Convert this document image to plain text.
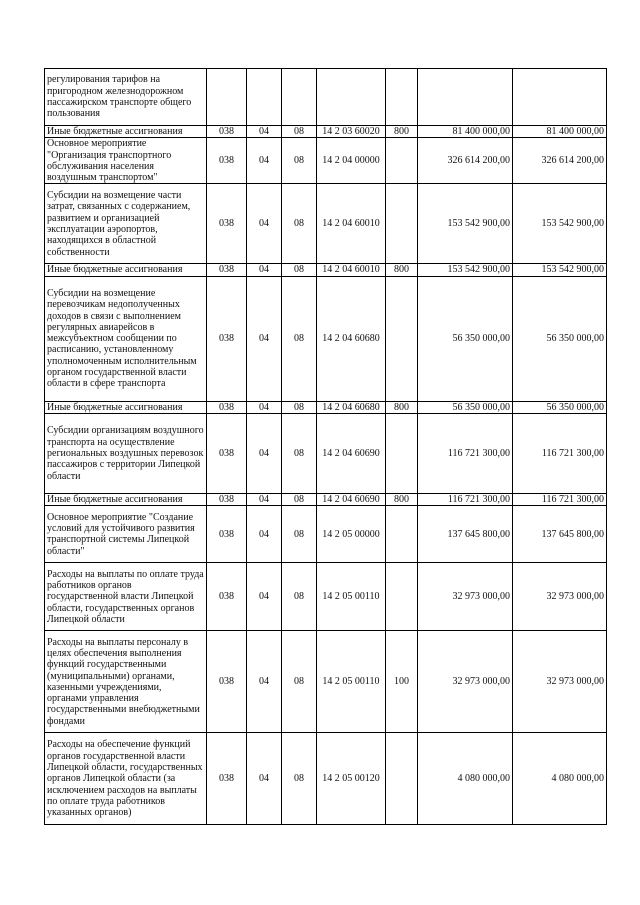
регулирования тарифов на пригородном железнодорожном пассажирском транспорте общего пользования							
Иные бюджетные ассигнования	038	04	08	14 2 03 60020	800	81 400 000,00	81 400 000,00
Основное мероприятие "Организация транспортного обслуживания населения воздушным транспортом"	038	04	08	14 2 04 00000		326 614 200,00	326 614 200,00
Субсидии на возмещение части затрат, связанных с содержанием, развитием и организацией эксплуатации аэропортов, находящихся в областной собственности	038	04	08	14 2 04 60010		153 542 900,00	153 542 900,00
Иные бюджетные ассигнования	038	04	08	14 2 04 60010	800	153 542 900,00	153 542 900,00
Субсидии на возмещение перевозчикам недополученных доходов в связи с выполнением регулярных авиарейсов в межсубъектном сообщении по расписанию, установленному уполномоченным исполнительным органом государственной власти области в сфере транспорта	038	04	08	14 2 04 60680		56 350 000,00	56 350 000,00
Иные бюджетные ассигнования	038	04	08	14 2 04 60680	800	56 350 000,00	56 350 000,00
Субсидии организациям воздушного транспорта на осуществление региональных воздушных перевозок пассажиров с территории Липецкой области	038	04	08	14 2 04 60690		116 721 300,00	116 721 300,00
Иные бюджетные ассигнования	038	04	08	14 2 04 60690	800	116 721 300,00	116 721 300,00
Основное мероприятие "Создание условий для устойчивого развития транспортной системы Липецкой области"	038	04	08	14 2 05 00000		137 645 800,00	137 645 800,00
Расходы на выплаты по оплате труда работников органов государственной власти Липецкой области, государственных органов Липецкой области	038	04	08	14 2 05 00110		32 973 000,00	32 973 000,00
Расходы на выплаты персоналу в целях обеспечения выполнения функций государственными (муниципальными) органами, казенными учреждениями, органами управления государственными внебюджетными фондами	038	04	08	14 2 05 00110	100	32 973 000,00	32 973 000,00
Расходы на обеспечение функций органов государственной власти Липецкой области, государственных органов Липецкой области (за исключением расходов на выплаты по оплате труда работников указанных органов)	038	04	08	14 2 05 00120		4 080 000,00	4 080 000,00
